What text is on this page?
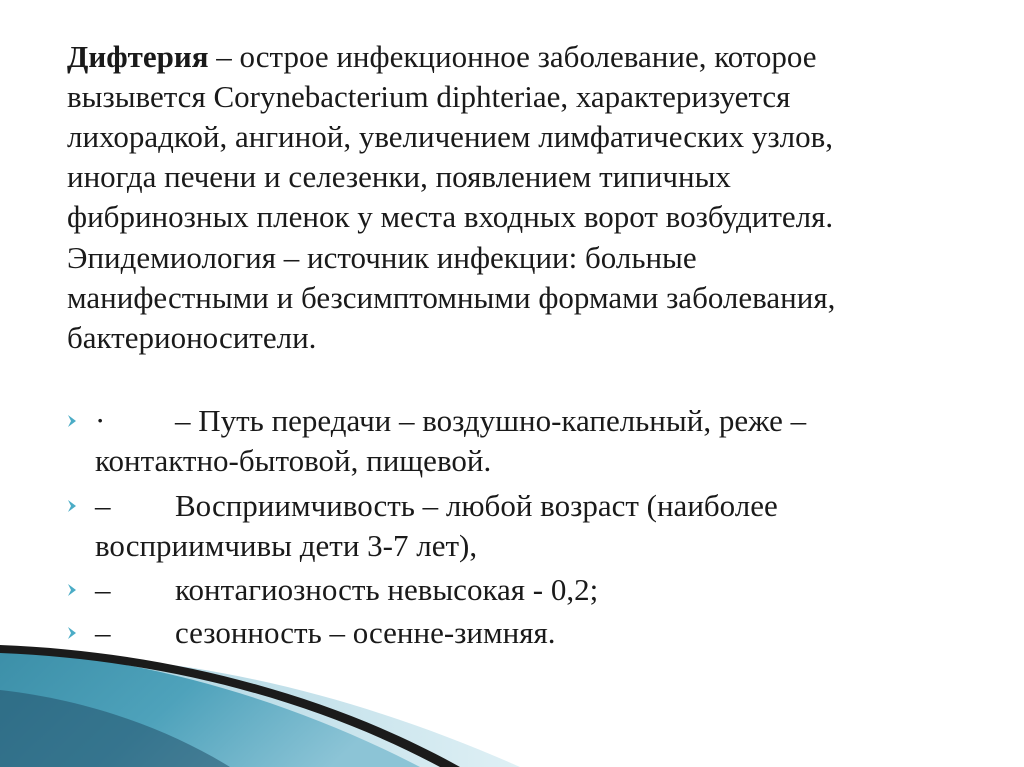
Дифтерия – острое инфекционное заболевание, которое
вызывется Corynebacterium diphteriae, характеризуется
лихорадкой, ангиной, увеличением лимфатических узлов,
иногда печени и селезенки, появлением типичных
фибринозных пленок у места входных ворот возбудителя.
Эпидемиология – источник инфекции: больные
манифестными и безсимптомными формами заболевания,
бактерионосители.
· – Путь передачи – воздушно-капельный, реже –
контактно-бытовой, пищевой.
– Восприимчивость – любой возраст (наиболее
восприимчивы дети 3-7 лет),
– контагиозность невысокая - 0,2;
– сезонность – осенне-зимняя.
